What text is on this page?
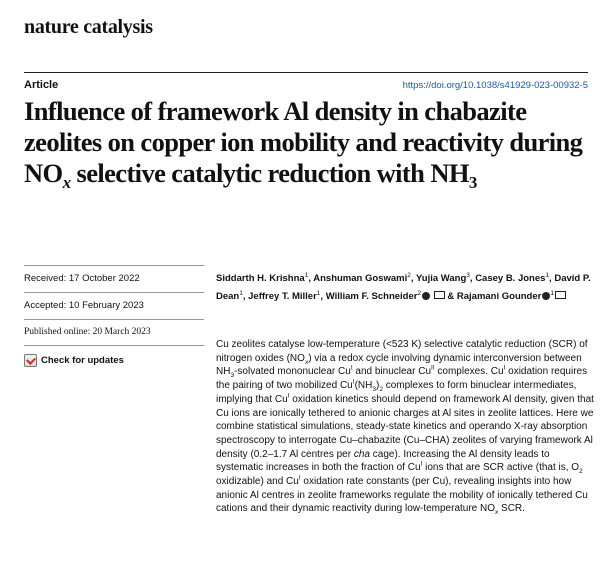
nature catalysis
Article	https://doi.org/10.1038/s41929-023-00932-5
Influence of framework Al density in chabazite zeolites on copper ion mobility and reactivity during $NO_x$ selective catalytic reduction with $NH_3$
Received: 17 October 2022
Accepted: 10 February 2023
Published online: 20 March 2023
Check for updates
Siddarth H. Krishna$^1$, Anshuman Goswami$^2$, Yujia Wang$^3$, Casey B. Jones$^1$, David P. Dean$^1$, Jeffrey T. Miller$^1$, William F. Schneider$^2$  & Rajamani Gounder $^1$

Cu zeolites catalyse low-temperature (<523 K) selective catalytic reduction (SCR) of nitrogen oxides $(NO_x)$ via a redox cycle involving dynamic interconversion between $NH_3$-solvated mononuclear $Cu^I$ and binuclear $Cu^{II}$ complexes. $Cu^I$ oxidation requires the pairing of two mobilized $Cu^I(NH_3)_2$ complexes to form binuclear intermediates, implying that $Cu^I$ oxidation kinetics should depend on framework Al density, given that Cu ions are ionically tethered to anionic charges at Al sites in zeolite lattices. Here we combine statistical simulations, steady-state kinetics and operando X-ray absorption spectroscopy to interrogate Cu–chabazite (Cu–CHA) zeolites of varying framework Al density (0.2–1.7 Al centres per cha cage). Increasing the Al density leads to systematic increases in both the fraction of $Cu^I$ ions that are SCR active (that is, $O_2$ oxidizable) and $Cu^I$ oxidation rate constants (per Cu), revealing insights into how anionic Al centres in zeolite frameworks regulate the mobility of ionically tethered Cu cations and their dynamic reactivity during low-temperature $NO_x$ SCR.
